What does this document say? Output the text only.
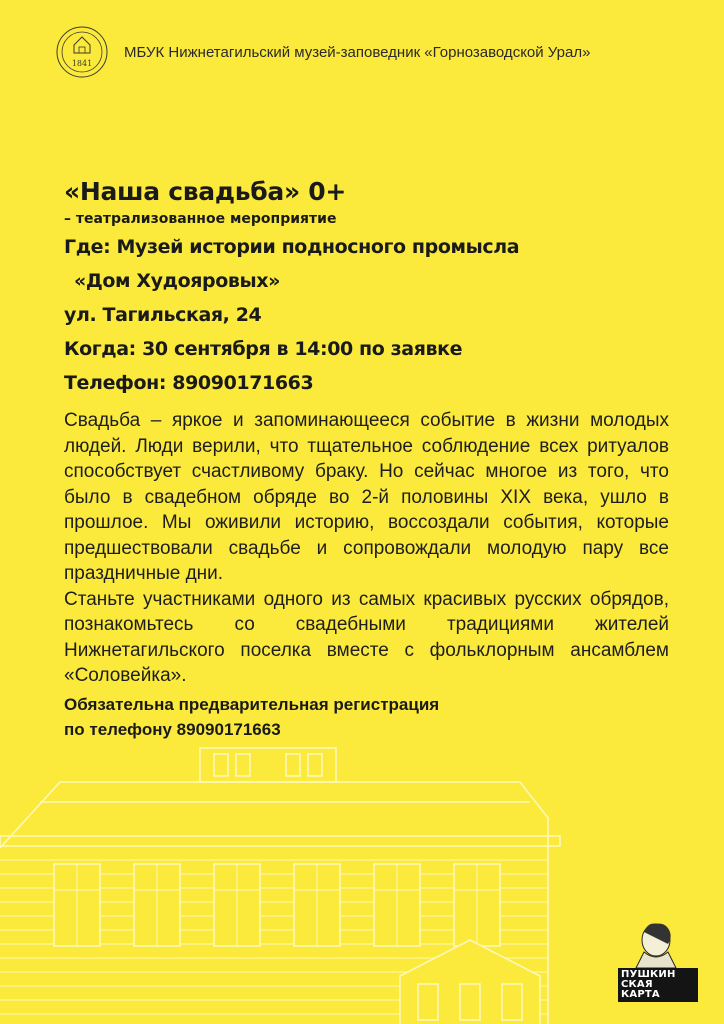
1841
МБУК Нижнетагильский музей-заповедник «Горнозаводской Урал»
«Наша свадьба» 0+
– театрализованное мероприятие
Где: Музей истории подносного промысла
«Дом Худояровых»
ул. Тагильская, 24
Когда: 30 сентября в 14:00 по заявке
Телефон: 89090171663

Свадьба – яркое и запоминающееся событие в жизни молодых людей. Люди верили, что тщательное соблюдение всех ритуалов способствует счастливому браку. Но сейчас многое из того, что было в свадебном обряде во 2-й половины XIX века, ушло в прошлое. Мы оживили историю, воссоздали события, которые предшествовали свадьбе и сопровождали молодую пару все праздничные дни.

Станьте участниками одного из самых красивых русских обрядов, познакомьтесь со свадебными традициями жителей Нижнетагильского поселка вместе с фольклорным ансамблем «Соловейка».

Обязательна предварительная регистрация
по телефону 89090171663
ПУШКИН
СКАЯ
КАРТА
